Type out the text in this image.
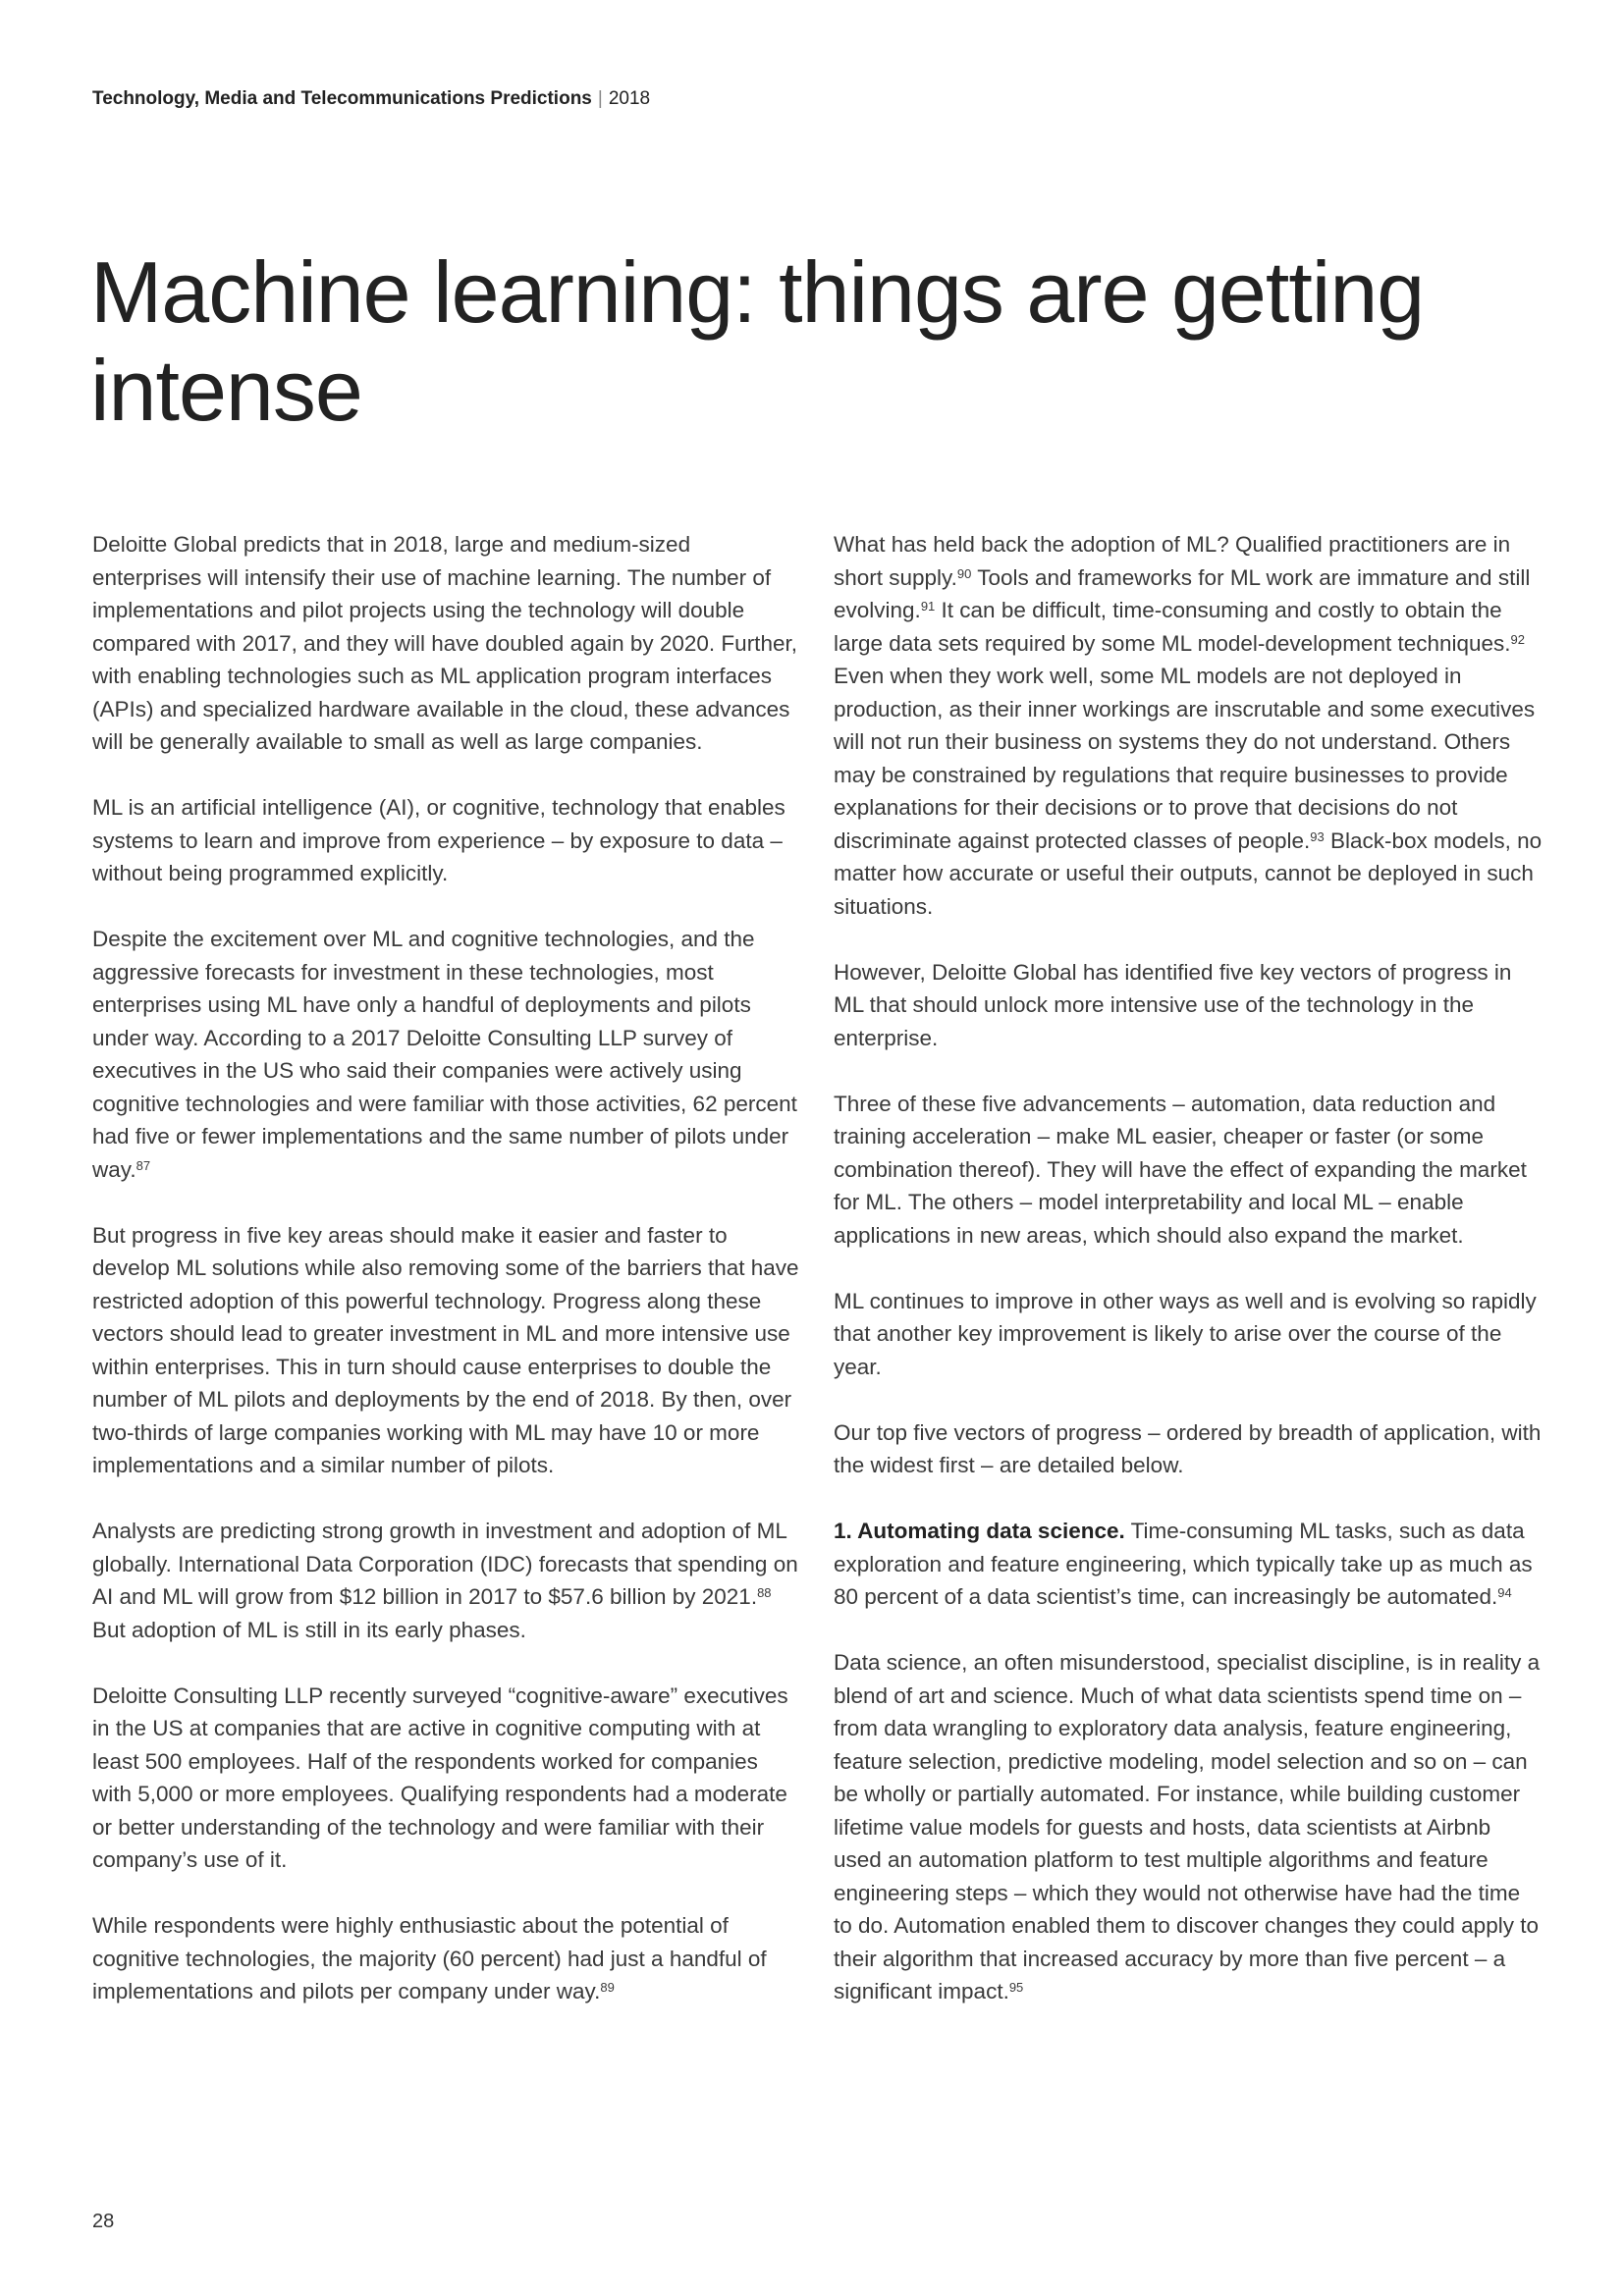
Technology, Media and Telecommunications Predictions | 2018
Machine learning: things are getting intense

Deloitte Global predicts that in 2018, large and medium-sized enterprises will intensify their use of machine learning. The number of implementations and pilot projects using the technology will double compared with 2017, and they will have doubled again by 2020. Further, with enabling technologies such as ML application program interfaces (APIs) and specialized hardware available in the cloud, these advances will be generally available to small as well as large companies.

ML is an artificial intelligence (AI), or cognitive, technology that enables systems to learn and improve from experience – by exposure to data – without being programmed explicitly.

Despite the excitement over ML and cognitive technologies, and the aggressive forecasts for investment in these technologies, most enterprises using ML have only a handful of deployments and pilots under way. According to a 2017 Deloitte Consulting LLP survey of executives in the US who said their companies were actively using cognitive technologies and were familiar with those activities, 62 percent had five or fewer implementations and the same number of pilots under way.$^{87}$

But progress in five key areas should make it easier and faster to develop ML solutions while also removing some of the barriers that have restricted adoption of this powerful technology. Progress along these vectors should lead to greater investment in ML and more intensive use within enterprises. This in turn should cause enterprises to double the number of ML pilots and deployments by the end of 2018. By then, over two-thirds of large companies working with ML may have 10 or more implementations and a similar number of pilots.

Analysts are predicting strong growth in investment and adoption of ML globally. International Data Corporation (IDC) forecasts that spending on AI and ML will grow from $12 billion in 2017 to $57.6 billion by 2021.88 But adoption of ML is still in its early phases.

Deloitte Consulting LLP recently surveyed “cognitive-aware” executives in the US at companies that are active in cognitive computing with at least 500 employees. Half of the respondents worked for companies with 5,000 or more employees. Qualifying respondents had a moderate or better understanding of the technology and were familiar with their company’s use of it.

While respondents were highly enthusiastic about the potential of cognitive technologies, the majority (60 percent) had just a handful of implementations and pilots per company under way.$^{89}$

What has held back the adoption of ML? Qualified practitioners are in short supply.$^{90}$ Tools and frameworks for ML work are immature and still evolving.$^{91}$ It can be difficult, time-consuming and costly to obtain the large data sets required by some ML model-development techniques.$^{92}$ Even when they work well, some ML models are not deployed in production, as their inner workings are inscrutable and some executives will not run their business on systems they do not understand. Others may be constrained by regulations that require businesses to provide explanations for their decisions or to prove that decisions do not discriminate against protected classes of people.$^{93}$ Black-box models, no matter how accurate or useful their outputs, cannot be deployed in such situations.

However, Deloitte Global has identified five key vectors of progress in ML that should unlock more intensive use of the technology in the enterprise.

Three of these five advancements – automation, data reduction and training acceleration – make ML easier, cheaper or faster (or some combination thereof). They will have the effect of expanding the market for ML. The others – model interpretability and local ML – enable applications in new areas, which should also expand the market.

ML continues to improve in other ways as well and is evolving so rapidly that another key improvement is likely to arise over the course of the year.

Our top five vectors of progress – ordered by breadth of application, with the widest first – are detailed below.

1. Automating data science. Time-consuming ML tasks, such as data exploration and feature engineering, which typically take up as much as 80 percent of a data scientist’s time, can increasingly be automated.$^{94}$

Data science, an often misunderstood, specialist discipline, is in reality a blend of art and science. Much of what data scientists spend time on – from data wrangling to exploratory data analysis, feature engineering, feature selection, predictive modeling, model selection and so on – can be wholly or partially automated. For instance, while building customer lifetime value models for guests and hosts, data scientists at Airbnb used an automation platform to test multiple algorithms and feature engineering steps – which they would not otherwise have had the time to do. Automation enabled them to discover changes they could apply to their algorithm that increased accuracy by more than five percent – a significant impact.$^{95}$

28
